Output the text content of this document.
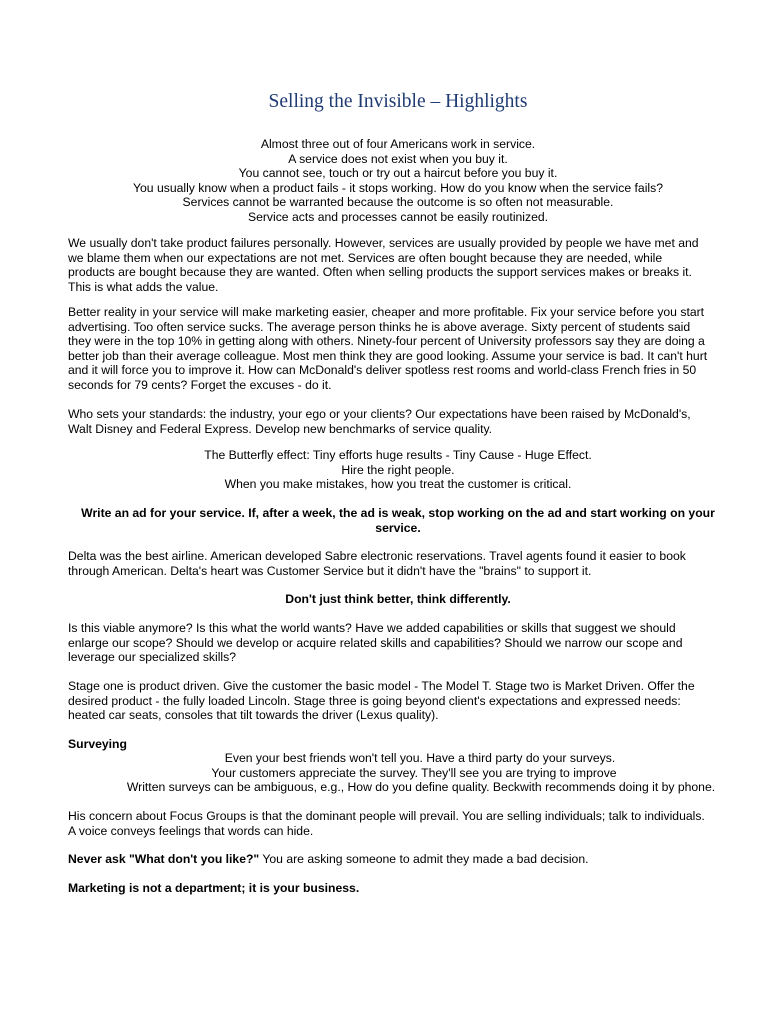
Selling the Invisible – Highlights
Almost three out of four Americans work in service.
A service does not exist when you buy it.
You cannot see, touch or try out a haircut before you buy it.
You usually know when a product fails - it stops working. How do you know when the service fails?
Services cannot be warranted because the outcome is so often not measurable.
Service acts and processes cannot be easily routinized.
We usually don't take product failures personally. However, services are usually provided by people we have met and
we blame them when our expectations are not met. Services are often bought because they are needed, while
products are bought because they are wanted. Often when selling products the support services makes or breaks it.
This is what adds the value.
Better reality in your service will make marketing easier, cheaper and more profitable. Fix your service before you start
advertising. Too often service sucks. The average person thinks he is above average. Sixty percent of students said
they were in the top 10% in getting along with others. Ninety-four percent of University professors say they are doing a
better job than their average colleague. Most men think they are good looking. Assume your service is bad. It can't hurt
and it will force you to improve it. How can McDonald's deliver spotless rest rooms and world-class French fries in 50
seconds for 79 cents? Forget the excuses - do it.
Who sets your standards: the industry, your ego or your clients? Our expectations have been raised by McDonald's,
Walt Disney and Federal Express. Develop new benchmarks of service quality.
The Butterfly effect: Tiny efforts huge results - Tiny Cause - Huge Effect.
Hire the right people.
When you make mistakes, how you treat the customer is critical.
Write an ad for your service. If, after a week, the ad is weak, stop working on the ad and start working on your
service.
Delta was the best airline. American developed Sabre electronic reservations. Travel agents found it easier to book
through American. Delta's heart was Customer Service but it didn't have the "brains" to support it.
Don't just think better, think differently.
Is this viable anymore? Is this what the world wants? Have we added capabilities or skills that suggest we should
enlarge our scope? Should we develop or acquire related skills and capabilities? Should we narrow our scope and
leverage our specialized skills?
Stage one is product driven. Give the customer the basic model - The Model T. Stage two is Market Driven. Offer the
desired product - the fully loaded Lincoln. Stage three is going beyond client's expectations and expressed needs:
heated car seats, consoles that tilt towards the driver (Lexus quality).
Surveying
Even your best friends won't tell you. Have a third party do your surveys.
Your customers appreciate the survey. They'll see you are trying to improve
Written surveys can be ambiguous, e.g., How do you define quality. Beckwith recommends doing it by phone.
His concern about Focus Groups is that the dominant people will prevail. You are selling individuals; talk to individuals.
A voice conveys feelings that words can hide.
Never ask "What don't you like?" You are asking someone to admit they made a bad decision.
Marketing is not a department; it is your business.
